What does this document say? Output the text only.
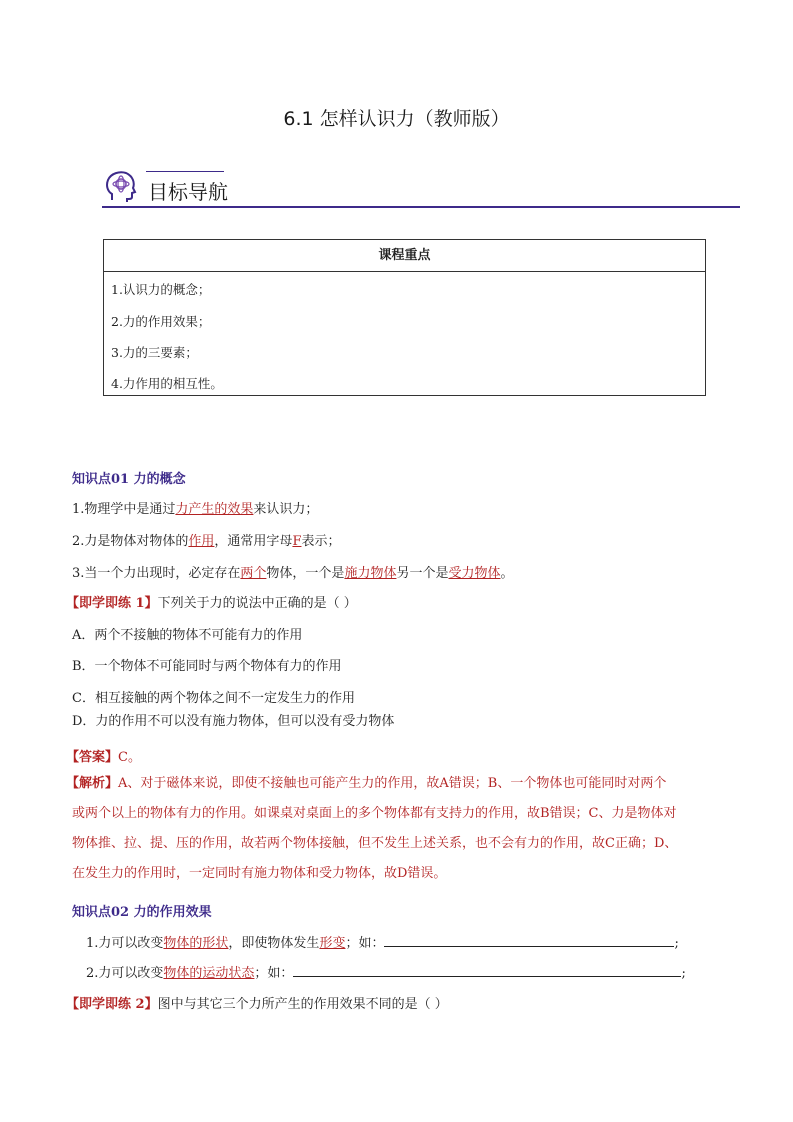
6.1 怎样认识力（教师版）
目标导航
课程重点
1.认识力的概念；
2.力的作用效果；
3.力的三要素；
4.力作用的相互性。
知识点01 力的概念
1.物理学中是通过力产生的效果来认识力；
2.力是物体对物体的作用，通常用字母F表示；
3.当一个力出现时，必定存在两个物体，一个是施力物体另一个是受力物体。
【即学即练 1】下列关于力的说法中正确的是（ ）
A．两个不接触的物体不可能有力的作用
B．一个物体不可能同时与两个物体有力的作用
C．相互接触的两个物体之间不一定发生力的作用
D．力的作用不可以没有施力物体，但可以没有受力物体
【答案】C。
【解析】A、对于磁体来说，即使不接触也可能产生力的作用，故A错误；B、一个物体也可能同时对两个
或两个以上的物体有力的作用。如课桌对桌面上的多个物体都有支持力的作用，故B错误；C、力是物体对
物体推、拉、提、压的作用，故若两个物体接触，但不发生上述关系，也不会有力的作用，故C正确；D、
在发生力的作用时，一定同时有施力物体和受力物体，故D错误。
知识点02 力的作用效果
1.力可以改变物体的形状，即使物体发生形变；如：	;
2.力可以改变物体的运动状态；如：	;
【即学即练 2】图中与其它三个力所产生的作用效果不同的是（ ）
